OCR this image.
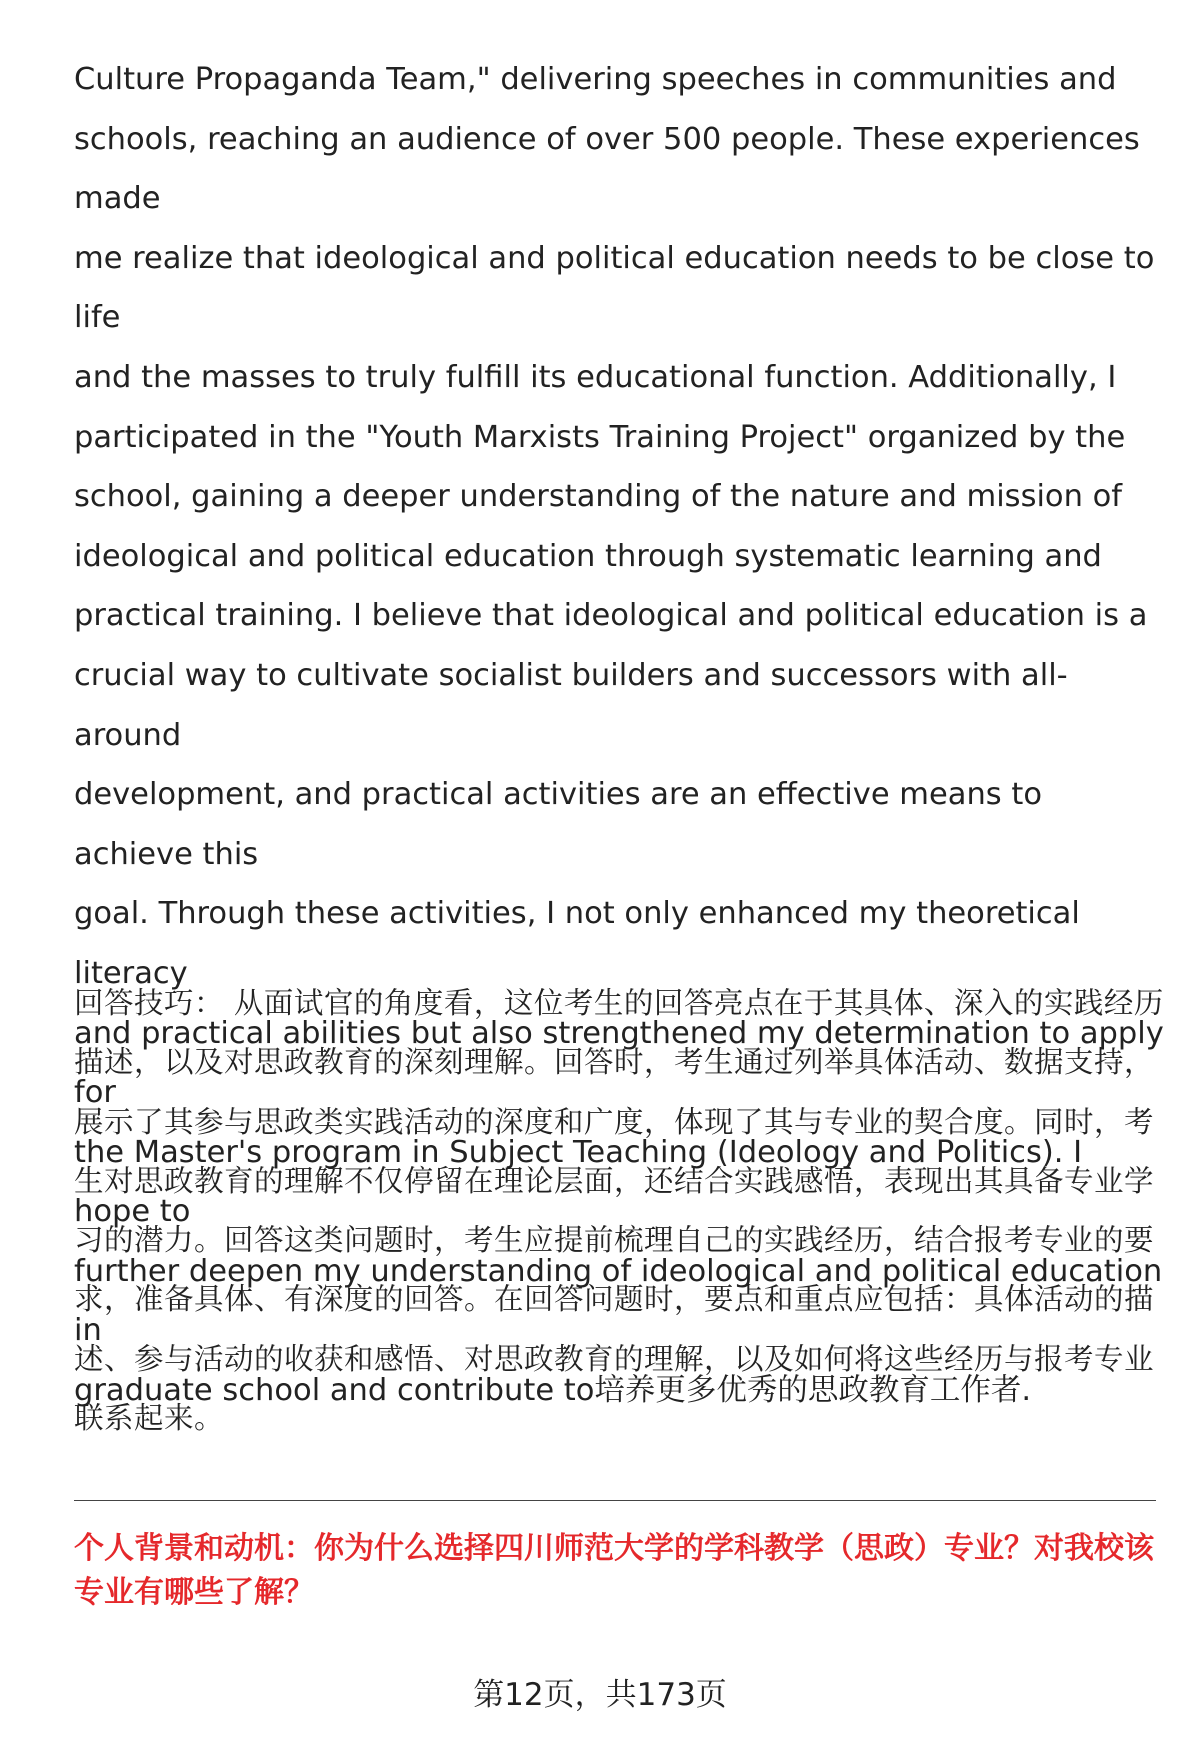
Culture Propaganda Team," delivering speeches in communities and
schools, reaching an audience of over 500 people. These experiences made
me realize that ideological and political education needs to be close to life
and the masses to truly fulfill its educational function. Additionally, I
participated in the "Youth Marxists Training Project" organized by the
school, gaining a deeper understanding of the nature and mission of
ideological and political education through systematic learning and
practical training. I believe that ideological and political education is a
crucial way to cultivate socialist builders and successors with all-around
development, and practical activities are an effective means to achieve this
goal. Through these activities, I not only enhanced my theoretical literacy
and practical abilities but also strengthened my determination to apply for
the Master's program in Subject Teaching (Ideology and Politics). I hope to
further deepen my understanding of ideological and political education in
graduate school and contribute to培养更多优秀的思政教育工作者.

回答技巧： 从面试官的角度看，这位考生的回答亮点在于其具体、深入的实践经历描述，以及对思政教育的深刻理解。回答时，考生通过列举具体活动、数据支持，展示了其参与思政类实践活动的深度和广度，体现了其与专业的契合度。同时，考生对思政教育的理解不仅停留在理论层面，还结合实践感悟，表现出其具备专业学习的潜力。回答这类问题时，考生应提前梳理自己的实践经历，结合报考专业的要求，准备具体、有深度的回答。在回答问题时，要点和重点应包括：具体活动的描述、参与活动的收获和感悟、对思政教育的理解，以及如何将这些经历与报考专业联系起来。

个人背景和动机：你为什么选择四川师范大学的学科教学（思政）专业？对我校该专业有哪些了解？

第12页，共173页
